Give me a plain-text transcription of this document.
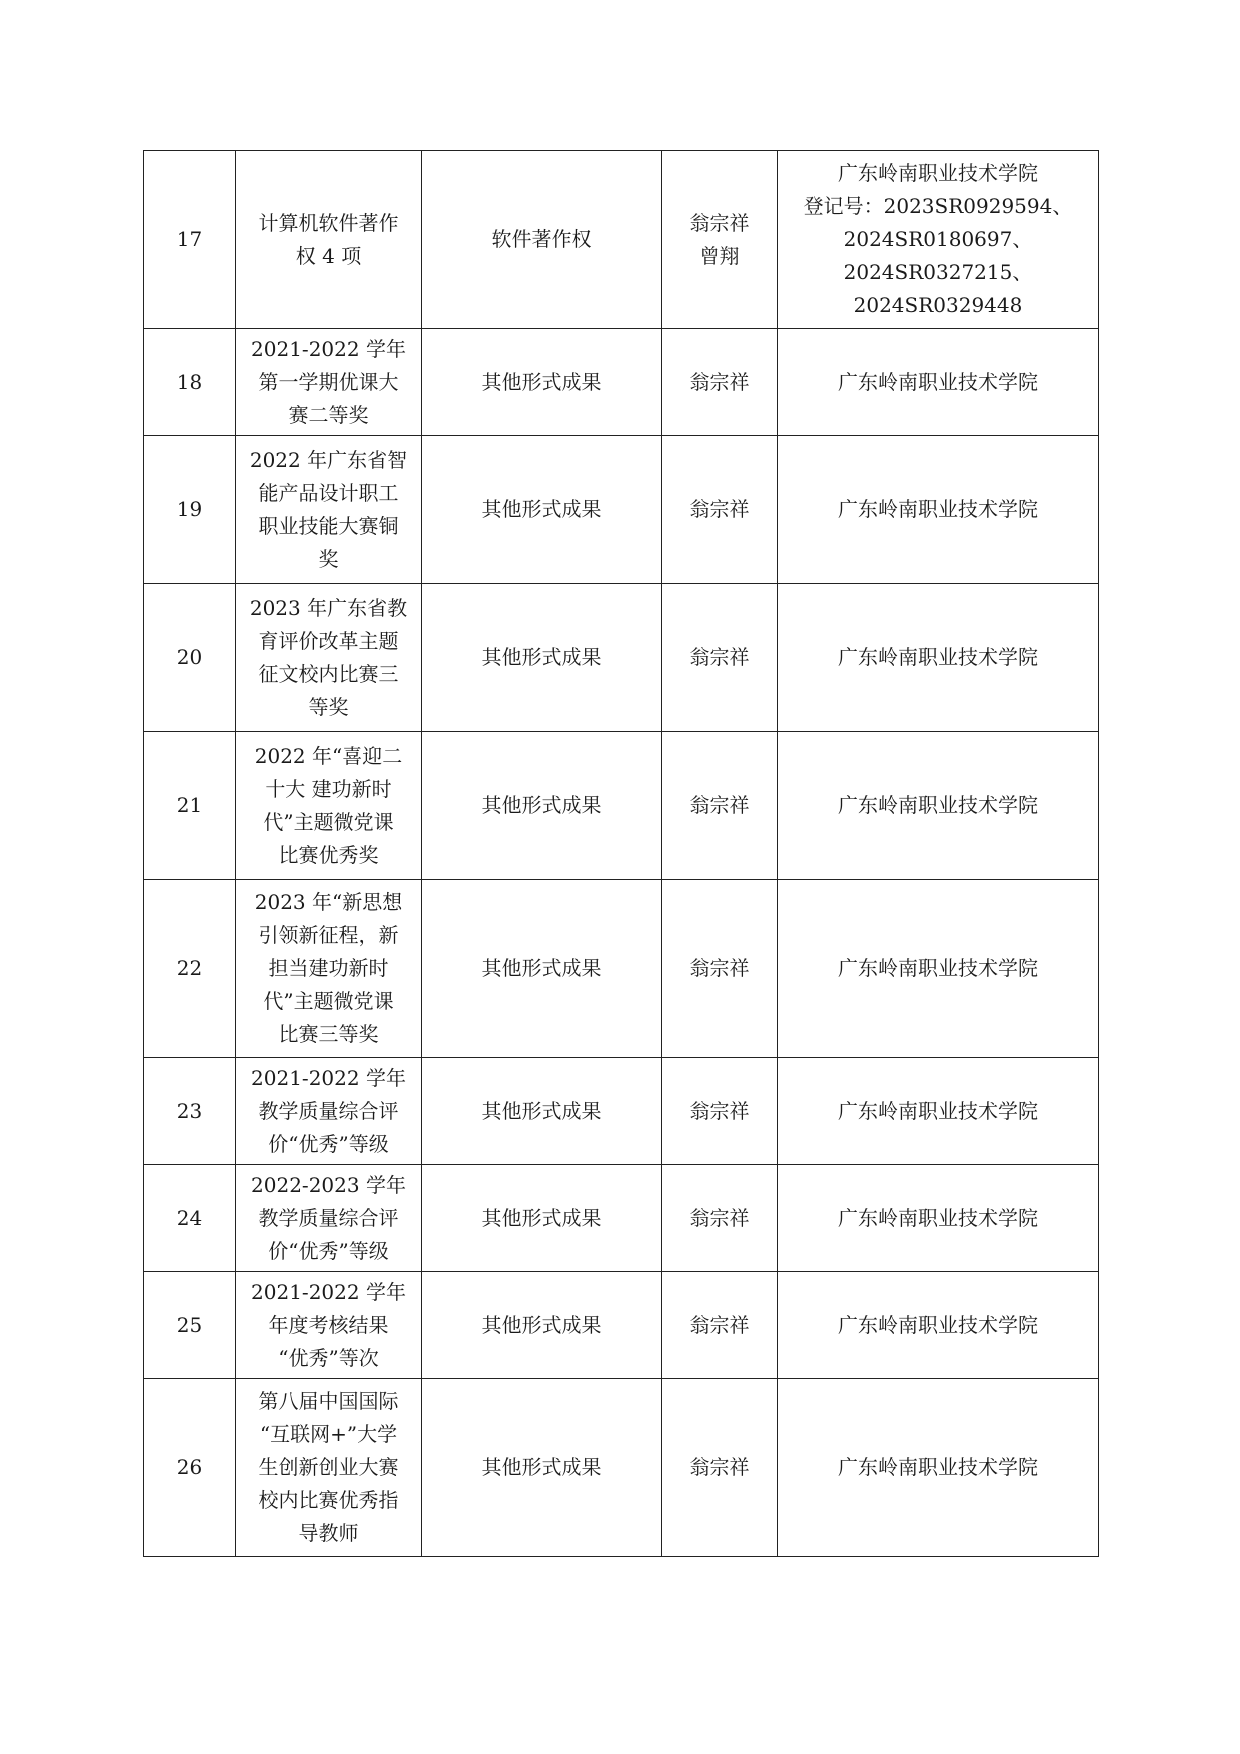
17	计算机软件著作
权 4 项	软件著作权	翁宗祥
曾翔	广东岭南职业技术学院
登记号：2023SR0929594、
2024SR0180697、
2024SR0327215、
2024SR0329448

18	2021-2022 学年
第一学期优课大
赛二等奖	其他形式成果	翁宗祥	广东岭南职业技术学院

19	2022 年广东省智
能产品设计职工
职业技能大赛铜
奖	其他形式成果	翁宗祥	广东岭南职业技术学院

20	2023 年广东省教
育评价改革主题
征文校内比赛三
等奖	其他形式成果	翁宗祥	广东岭南职业技术学院

21	2022 年“喜迎二
十大 建功新时
代”主题微党课
比赛优秀奖	其他形式成果	翁宗祥	广东岭南职业技术学院

22	2023 年“新思想
引领新征程，新
担当建功新时
代”主题微党课
比赛三等奖	其他形式成果	翁宗祥	广东岭南职业技术学院

23	2021-2022 学年
教学质量综合评
价“优秀”等级	其他形式成果	翁宗祥	广东岭南职业技术学院

24	2022-2023 学年
教学质量综合评
价“优秀”等级	其他形式成果	翁宗祥	广东岭南职业技术学院

25	2021-2022 学年
年度考核结果
“优秀”等次	其他形式成果	翁宗祥	广东岭南职业技术学院

26	第八届中国国际
“互联网+”大学
生创新创业大赛
校内比赛优秀指
导教师	其他形式成果	翁宗祥	广东岭南职业技术学院
